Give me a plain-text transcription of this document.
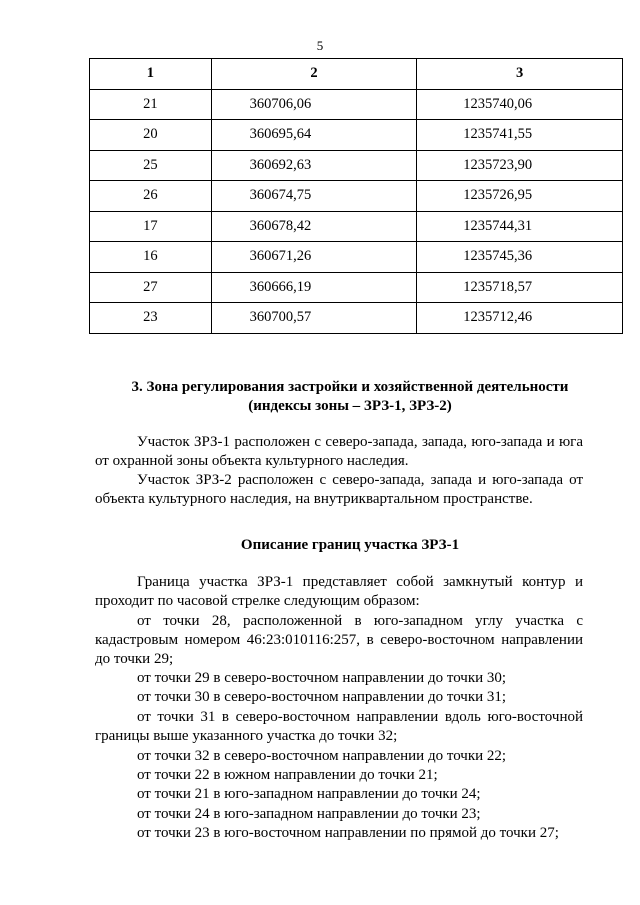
5
1	2	3
21	360706,06	1235740,06
20	360695,64	1235741,55
25	360692,63	1235723,90
26	360674,75	1235726,95
17	360678,42	1235744,31
16	360671,26	1235745,36
27	360666,19	1235718,57
23	360700,57	1235712,46
3. Зона регулирования застройки и хозяйственной деятельности
(индексы зоны – ЗРЗ-1, ЗРЗ-2)
Участок ЗРЗ-1 расположен с северо-запада, запада, юго-запада и юга от охранной зоны объекта культурного наследия.
Участок ЗРЗ-2 расположен с северо-запада, запада и юго-запада от объекта культурного наследия, на внутриквартальном пространстве.
Описание границ участка ЗРЗ-1
Граница участка ЗРЗ-1 представляет собой замкнутый контур и проходит по часовой стрелке следующим образом:
от точки 28, расположенной в юго-западном углу участка с кадастровым номером 46:23:010116:257, в северо-восточном направлении до точки 29;
от точки 29 в северо-восточном направлении до точки 30;
от точки 30 в северо-восточном направлении до точки 31;
от точки 31 в северо-восточном направлении вдоль юго-восточной границы выше указанного участка до точки 32;
от точки 32 в северо-восточном направлении до точки 22;
от точки 22 в южном направлении до точки 21;
от точки 21 в юго-западном направлении до точки 24;
от точки 24 в юго-западном направлении до точки 23;
от точки 23 в юго-восточном направлении по прямой до точки 27;
